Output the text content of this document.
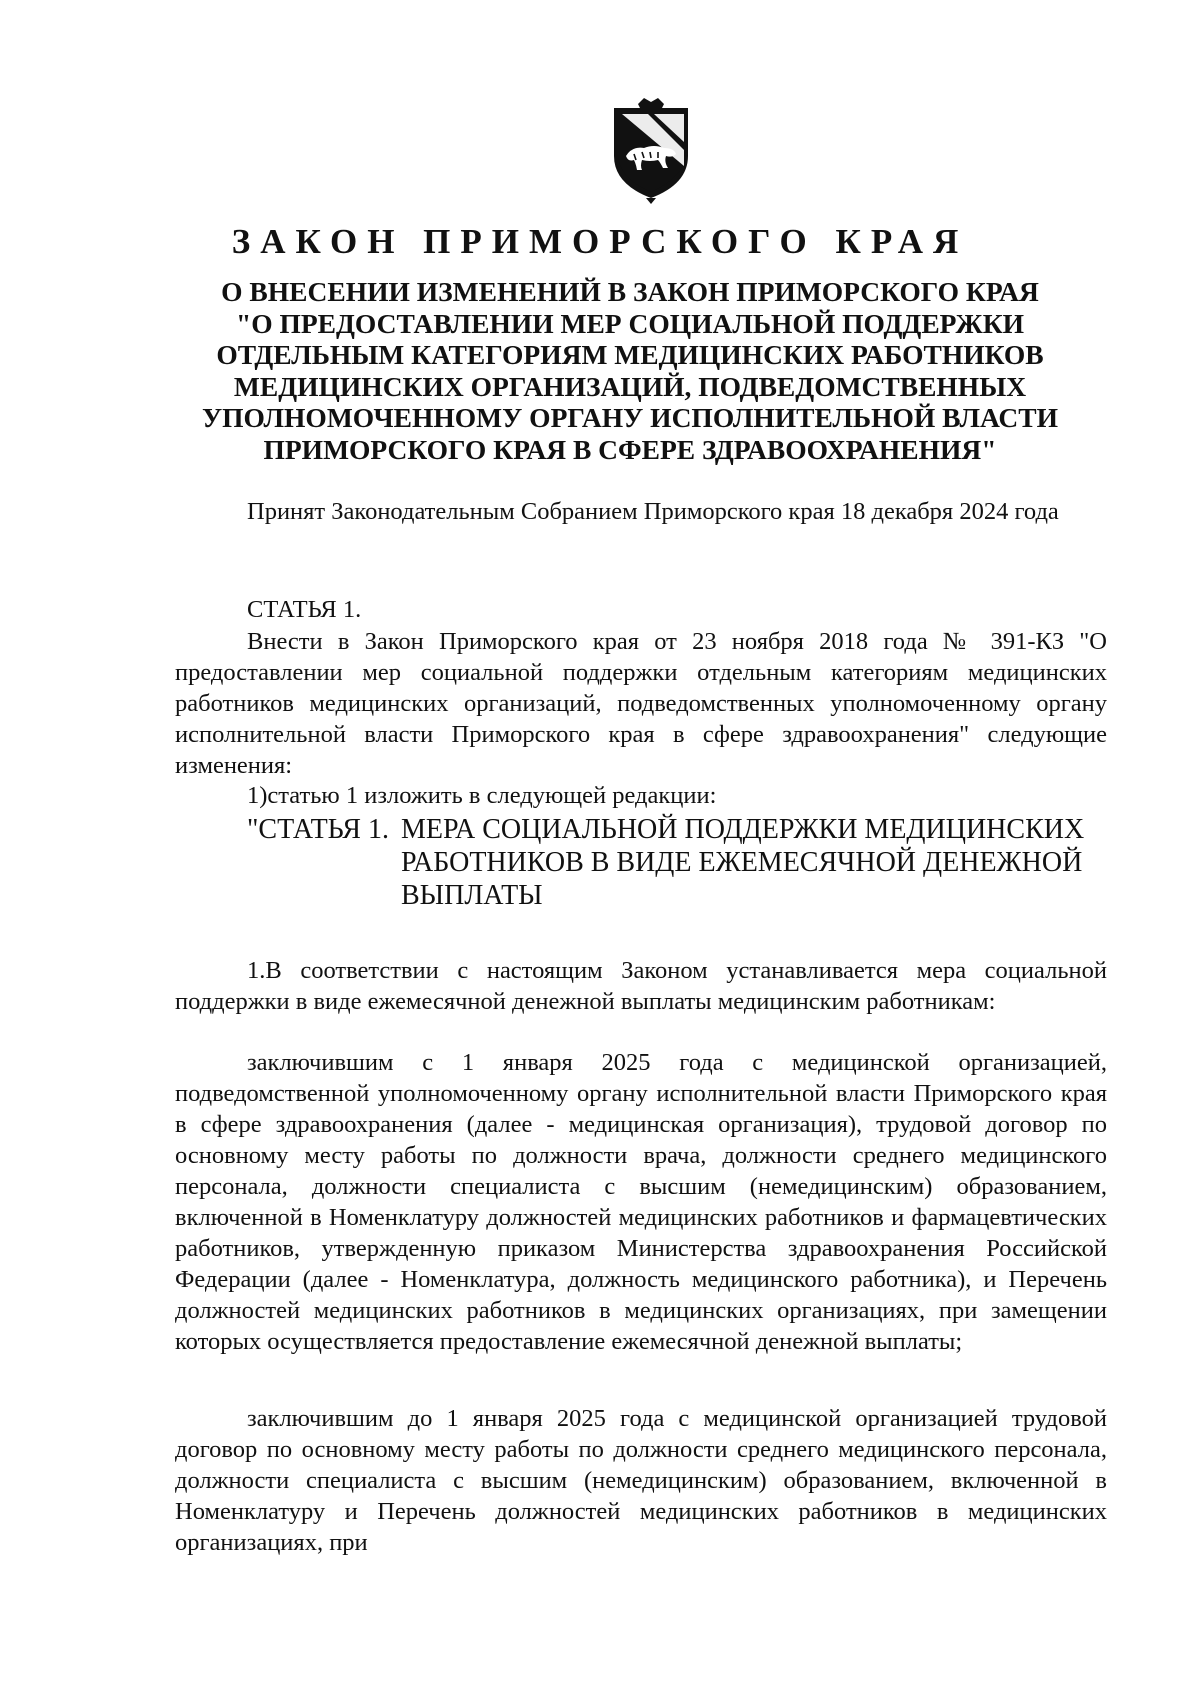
ЗАКОН ПРИМОРСКОГО КРАЯ
О ВНЕСЕНИИ ИЗМЕНЕНИЙ В ЗАКОН ПРИМОРСКОГО КРАЯ
"О ПРЕДОСТАВЛЕНИИ МЕР СОЦИАЛЬНОЙ ПОДДЕРЖКИ
ОТДЕЛЬНЫМ КАТЕГОРИЯМ МЕДИЦИНСКИХ РАБОТНИКОВ
МЕДИЦИНСКИХ ОРГАНИЗАЦИЙ, ПОДВЕДОМСТВЕННЫХ
УПОЛНОМОЧЕННОМУ ОРГАНУ ИСПОЛНИТЕЛЬНОЙ ВЛАСТИ
ПРИМОРСКОГО КРАЯ В СФЕРЕ ЗДРАВООХРАНЕНИЯ"

Принят Законодательным Собранием Приморского края 18 декабря 2024 года

СТАТЬЯ 1.

Внести в Закон Приморского края от 23 ноября 2018 года № 391-КЗ "О предоставлении мер социальной поддержки отдельным категориям медицинских работников медицинских организаций, подведомственных уполномоченному органу исполнительной власти Приморского края в сфере здравоохранения" следующие изменения:

1)статью 1 изложить в следующей редакции:

"СТАТЬЯ 1. МЕРА СОЦИАЛЬНОЙ ПОДДЕРЖКИ МЕДИЦИНСКИХ РАБОТНИКОВ В ВИДЕ ЕЖЕМЕСЯЧНОЙ ДЕНЕЖНОЙ ВЫПЛАТЫ

1.В соответствии с настоящим Законом устанавливается мера социальной поддержки в виде ежемесячной денежной выплаты медицинским работникам:

заключившим с 1 января 2025 года с медицинской организацией, подведомственной уполномоченному органу исполнительной власти Приморского края в сфере здравоохранения (далее - медицинская организация), трудовой договор по основному месту работы по должности врача, должности среднего медицинского персонала, должности специалиста с высшим (немедицинским) образованием, включенной в Номенклатуру должностей медицинских работников и фармацевтических работников, утвержденную приказом Министерства здравоохранения Российской Федерации (далее - Номенклатура, должность медицинского работника), и Перечень должностей медицинских работников в медицинских организациях, при замещении которых осуществляется предоставление ежемесячной денежной выплаты;

заключившим до 1 января 2025 года с медицинской организацией трудовой договор по основному месту работы по должности среднего медицинского персонала, должности специалиста с высшим (немедицинским) образованием, включенной в Номенклатуру и Перечень должностей медицинских работников в медицинских организациях, при
